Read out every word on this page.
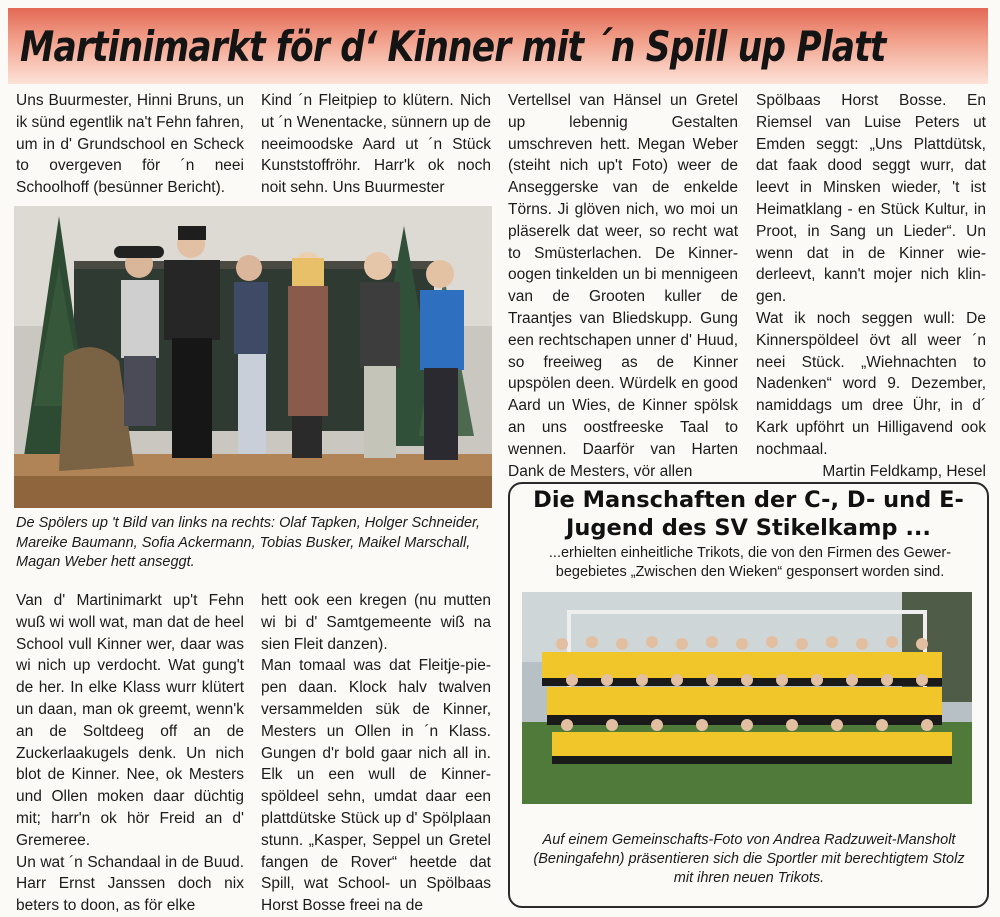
Martinimarkt för d‘ Kinner mit ´n Spill up Platt

Uns Buurmester, Hinni Bruns, un ik sünd egentlik na't Fehn fahren, um in d' Grundschool en Scheck to overgeven för ´n neei Schoolhoff (besünner Bericht).

Kind ´n Fleitpiep to klütern. Nich ut ´n Wenentacke, sünnern up de neeimoodske Aard ut ´n Stück Kunststoffröhr. Harr'k ok noch noit sehn. Uns Buurmester

De Spölers up 't Bild van links na rechts: Olaf Tapken, Holger Schneider, Mareike Baumann, Sofia Ackermann, Tobias Busker, Maikel Marschall, Magan Weber hett anseggt.

Vertellsel van Hänsel un Gretel up lebennig Gestalten umschreven hett. Megan Weber (steiht nich up't Foto) weer de Anseggerske van de enkelde Törns. Ji glöven nich, wo moi un pläserelk dat weer, so recht wat to Smüsterlachen. De Kinneroogen tinkelden un bi mennigeen van de Grooten kuller de Traantjes van Bliedskupp. Gung een rechtschapen unner d' Huud, so freeiweg as de Kinner upspölen deen. Würdelk en good Aard un Wies, de Kinner spölsk an uns oostfreeske Taal to wennen. Daarför van Harten Dank de Mesters, vör allen

Spölbaas Horst Bosse. En Riemsel van Luise Peters ut Emden seggt: „Uns Plattdütsk, dat faak dood seggt wurr, dat leevt in Minsken wieder, 't ist Heimatklang - en Stück Kultur, in Proot, in Sang un Lieder“. Un wenn dat in de Kinner wiederleevt, kann't mojer nich klingen.

Wat ik noch seggen wull: De Kinnerspöldeel övt all weer ´n neei Stück. „Wiehnachten to Nadenken“ word 9. Dezember, namiddags um dree Ühr, in d´ Kark upföhrt un Hilligavend ook nochmaal.

Martin Feldkamp, Hesel

Van d' Martinimarkt up't Fehn wuß wi woll wat, man dat de heel School vull Kinner wer, daar was wi nich up verdocht. Wat gung't de her. In elke Klass wurr klütert un daan, man ok greemt, wenn'k an de Soltdeeg off an de Zuckerlaakugels denk. Un nich blot de Kinner. Nee, ok Mesters und Ollen moken daar düchtig mit; harr'n ok hör Freid an d' Gremeree.

Un wat ´n Schandaal in de Buud. Harr Ernst Janssen doch nix beters to doon, as för elke

hett ook een kregen (nu mutten wi bi d' Samtgemeente wiß na sien Fleit danzen).

Man tomaal was dat Fleitje-piepen daan. Klock halv twalven versammelden sük de Kinner, Mesters un Ollen in ´n Klass. Gungen d'r bold gaar nich all in. Elk un een wull de Kinnerspöldeel sehn, umdat daar een plattdütske Stück up d' Spölplaan stunn. „Kasper, Seppel un Gretel fangen de Rover“ heetde dat Spill, wat School- un Spölbaas Horst Bosse freei na de

Die Manschaften der C-, D- und E-Jugend des SV Stikelkamp ...
...erhielten einheitliche Trikots, die von den Firmen des Gewerbegebietes „Zwischen den Wieken“ gesponsert worden sind.
Auf einem Gemeinschafts-Foto von Andrea Radzuweit-Mansholt (Beningafehn) präsentieren sich die Sportler mit berechtigtem Stolz mit ihren neuen Trikots.
